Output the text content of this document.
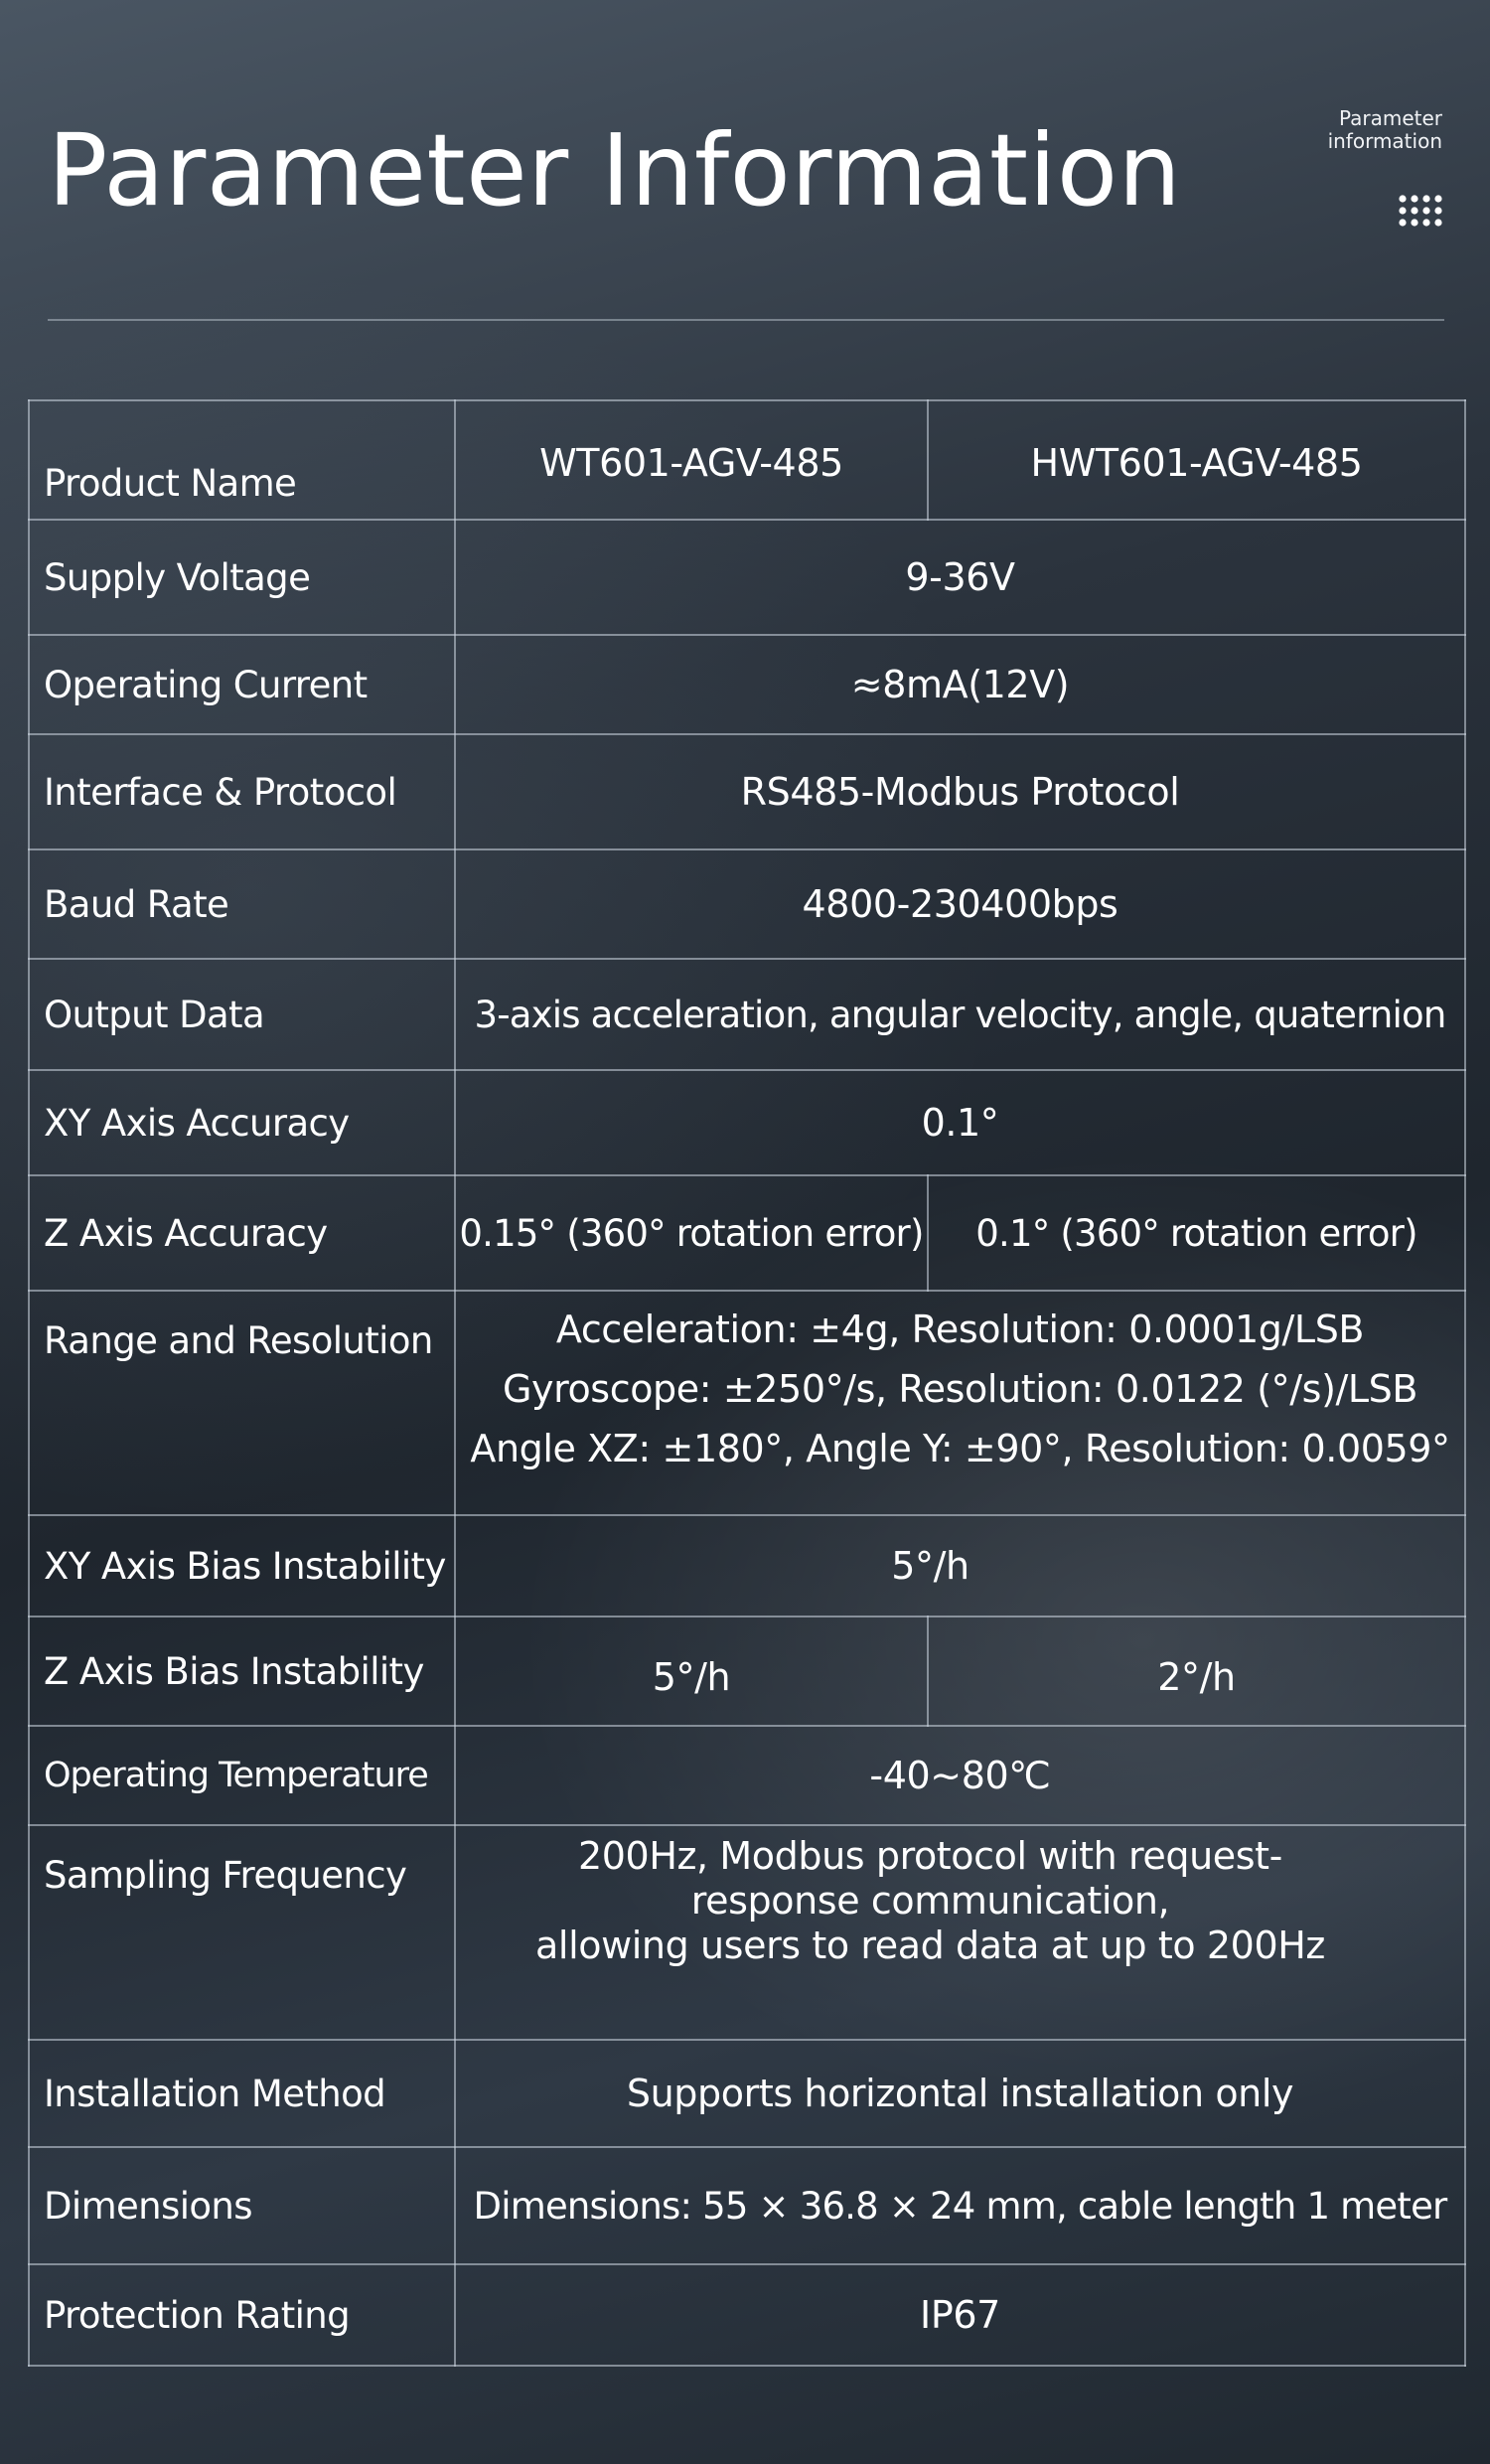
Parameter Information	Parameter
information
Product Name	WT601-AGV-485	HWT601-AGV-485
Supply Voltage	9-36V	
Operating Current	≈8mA(12V)	
Interface & Protocol	RS485-Modbus Protocol	
Baud Rate	4800-230400bps	
Output Data	3-axis acceleration, angular velocity, angle, quaternion	
XY Axis Accuracy	0.1°	
Z Axis Accuracy	0.15° (360° rotation error)	0.1° (360° rotation error)
Range and Resolution	Acceleration: ±4g, Resolution: 0.0001g/LSB
Gyroscope: ±250°/s, Resolution: 0.0122 (°/s)/LSB
Angle XZ: ±180°, Angle Y: ±90°, Resolution: 0.0059°	

XY Axis Bias Instability	5°/h	
Z Axis Bias Instability	5°/h	2°/h
Operating Temperature	-40~80℃	
Sampling Frequency	200Hz, Modbus protocol with request-
response communication,
allowing users to read data at up to 200Hz	

Installation Method	Supports horizontal installation only	
Dimensions	Dimensions: 55 × 36.8 × 24 mm, cable length 1 meter	
Protection Rating	IP67	
